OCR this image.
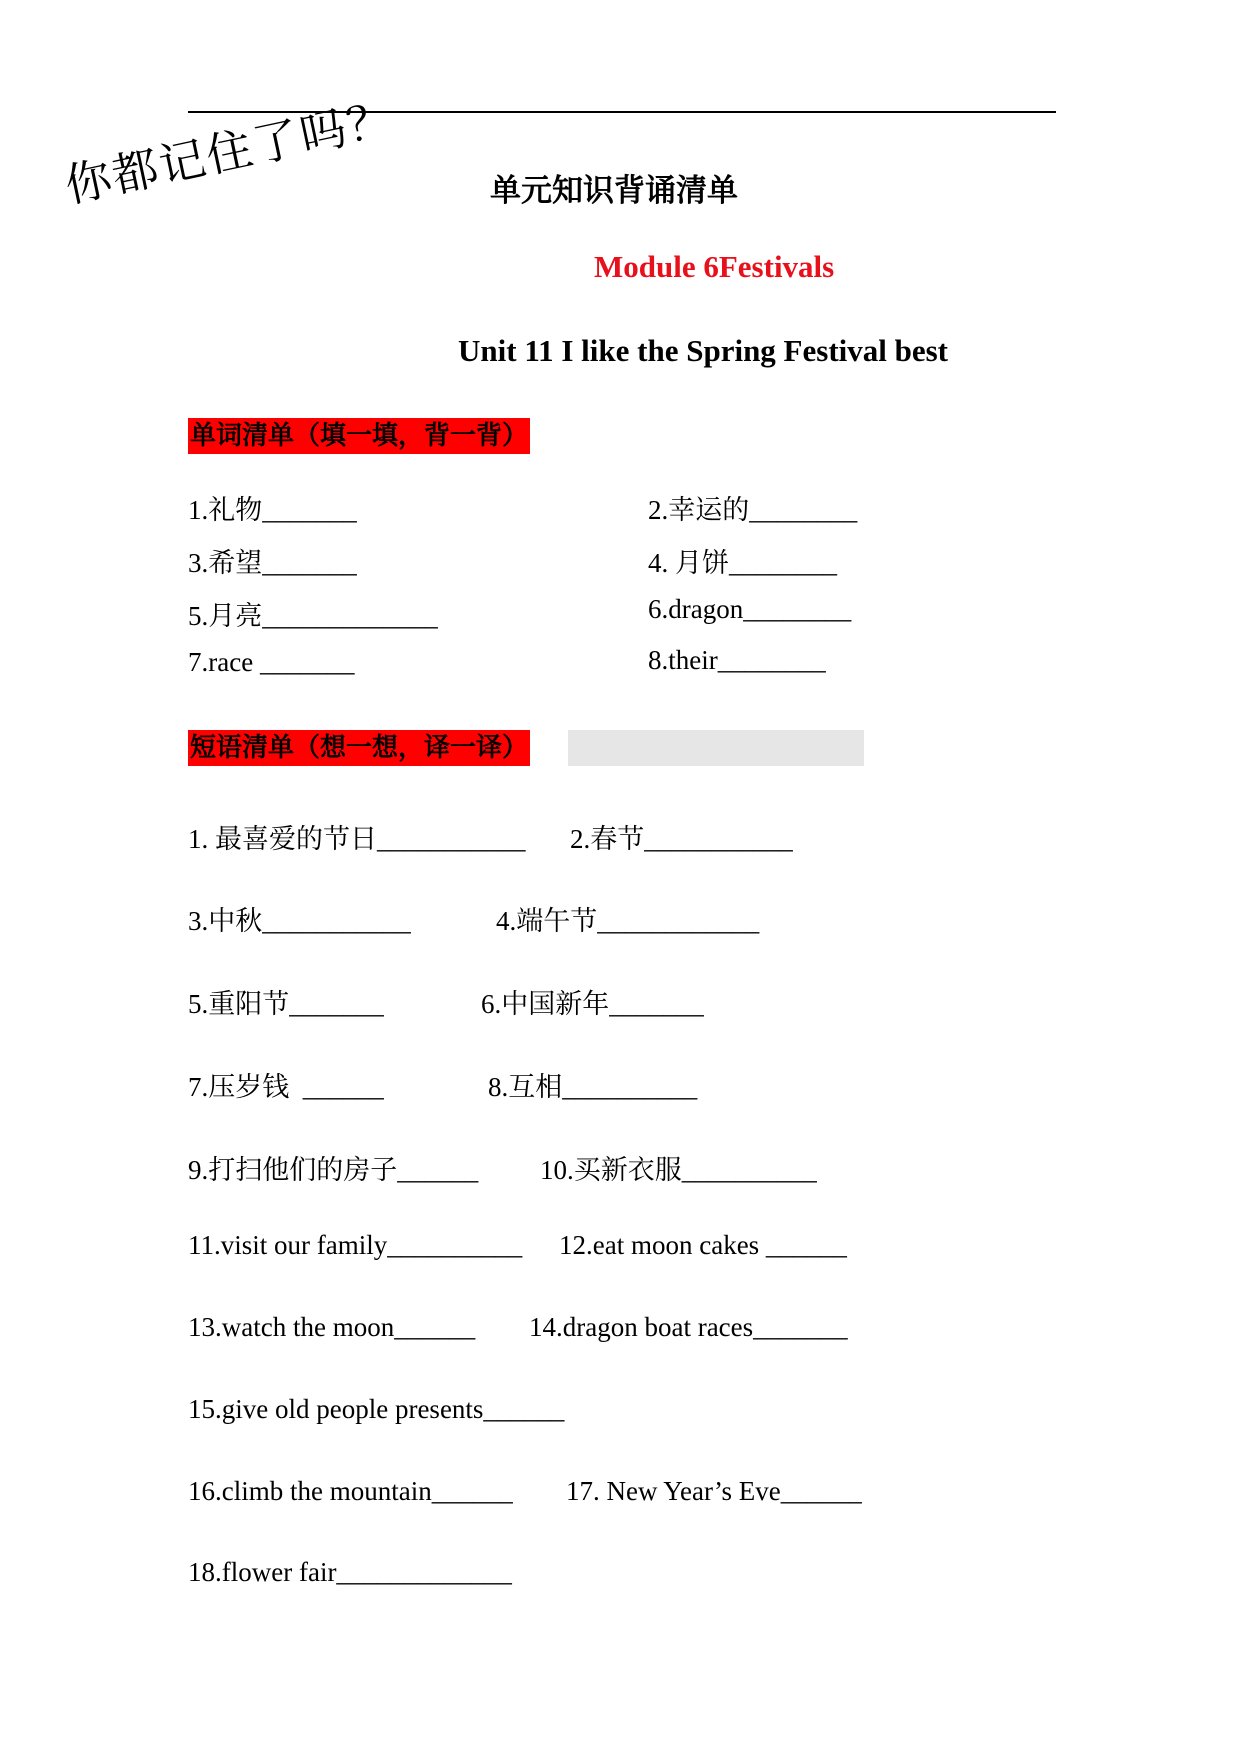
你都记住了吗？	单元知识背诵清单
Module 6Festivals
Unit 11 I like the Spring Festival best
单词清单（填一填，背一背）
1.礼物_______	2.幸运的________
3.希望_______	4. 月饼________
5.月亮_____________	6.dragon________
7.race _______	8.their________
短语清单（想一想，译一译）
1. 最喜爱的节日___________ 2.春节___________
3.中秋___________	4.端午节____________
5.重阳节_______	6.中国新年_______
7.压岁钱  ______	8.互相__________
9.打扫他们的房子______ 10.买新衣服__________
11.visit our family__________ 12.eat moon cakes ______
13.watch the moon______ 14.dragon boat races_______
15.give old people presents______
16.climb the mountain______ 17. New Year’s Eve______
18.flower fair_____________
